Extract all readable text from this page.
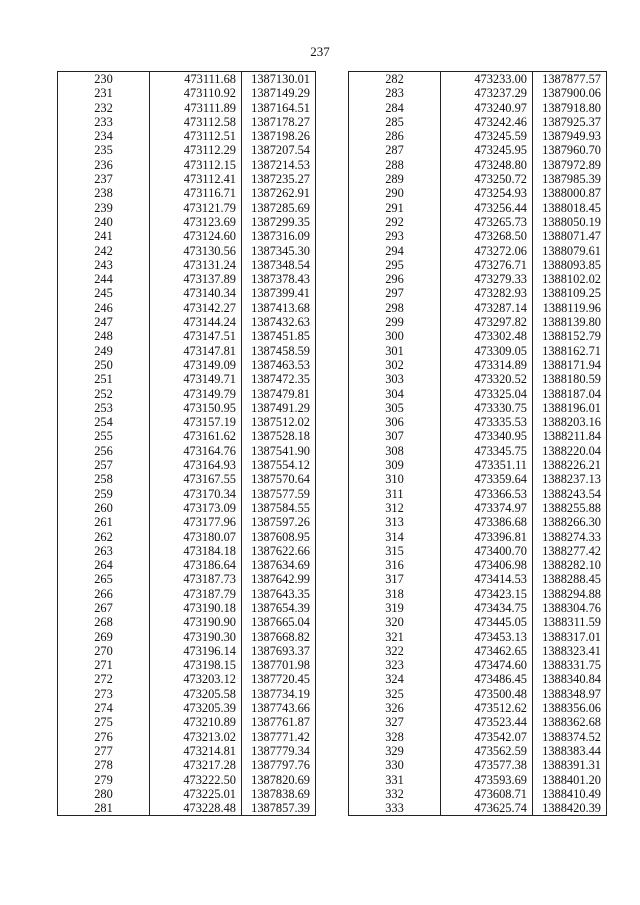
237
230	473111.68	1387130.01
231	473110.92	1387149.29
232	473111.89	1387164.51
233	473112.58	1387178.27
234	473112.51	1387198.26
235	473112.29	1387207.54
236	473112.15	1387214.53
237	473112.41	1387235.27
238	473116.71	1387262.91
239	473121.79	1387285.69
240	473123.69	1387299.35
241	473124.60	1387316.09
242	473130.56	1387345.30
243	473131.24	1387348.54
244	473137.89	1387378.43
245	473140.34	1387399.41
246	473142.27	1387413.68
247	473144.24	1387432.63
248	473147.51	1387451.85
249	473147.81	1387458.59
250	473149.09	1387463.53
251	473149.71	1387472.35
252	473149.79	1387479.81
253	473150.95	1387491.29
254	473157.19	1387512.02
255	473161.62	1387528.18
256	473164.76	1387541.90
257	473164.93	1387554.12
258	473167.55	1387570.64
259	473170.34	1387577.59
260	473173.09	1387584.55
261	473177.96	1387597.26
262	473180.07	1387608.95
263	473184.18	1387622.66
264	473186.64	1387634.69
265	473187.73	1387642.99
266	473187.79	1387643.35
267	473190.18	1387654.39
268	473190.90	1387665.04
269	473190.30	1387668.82
270	473196.14	1387693.37
271	473198.15	1387701.98
272	473203.12	1387720.45
273	473205.58	1387734.19
274	473205.39	1387743.66
275	473210.89	1387761.87
276	473213.02	1387771.42
277	473214.81	1387779.34
278	473217.28	1387797.76
279	473222.50	1387820.69
280	473225.01	1387838.69
281	473228.48	1387857.39
282	473233.00	1387877.57
283	473237.29	1387900.06
284	473240.97	1387918.80
285	473242.46	1387925.37
286	473245.59	1387949.93
287	473245.95	1387960.70
288	473248.80	1387972.89
289	473250.72	1387985.39
290	473254.93	1388000.87
291	473256.44	1388018.45
292	473265.73	1388050.19
293	473268.50	1388071.47
294	473272.06	1388079.61
295	473276.71	1388093.85
296	473279.33	1388102.02
297	473282.93	1388109.25
298	473287.14	1388119.96
299	473297.82	1388139.80
300	473302.48	1388152.79
301	473309.05	1388162.71
302	473314.89	1388171.94
303	473320.52	1388180.59
304	473325.04	1388187.04
305	473330.75	1388196.01
306	473335.53	1388203.16
307	473340.95	1388211.84
308	473345.75	1388220.04
309	473351.11	1388226.21
310	473359.64	1388237.13
311	473366.53	1388243.54
312	473374.97	1388255.88
313	473386.68	1388266.30
314	473396.81	1388274.33
315	473400.70	1388277.42
316	473406.98	1388282.10
317	473414.53	1388288.45
318	473423.15	1388294.88
319	473434.75	1388304.76
320	473445.05	1388311.59
321	473453.13	1388317.01
322	473462.65	1388323.41
323	473474.60	1388331.75
324	473486.45	1388340.84
325	473500.48	1388348.97
326	473512.62	1388356.06
327	473523.44	1388362.68
328	473542.07	1388374.52
329	473562.59	1388383.44
330	473577.38	1388391.31
331	473593.69	1388401.20
332	473608.71	1388410.49
333	473625.74	1388420.39
